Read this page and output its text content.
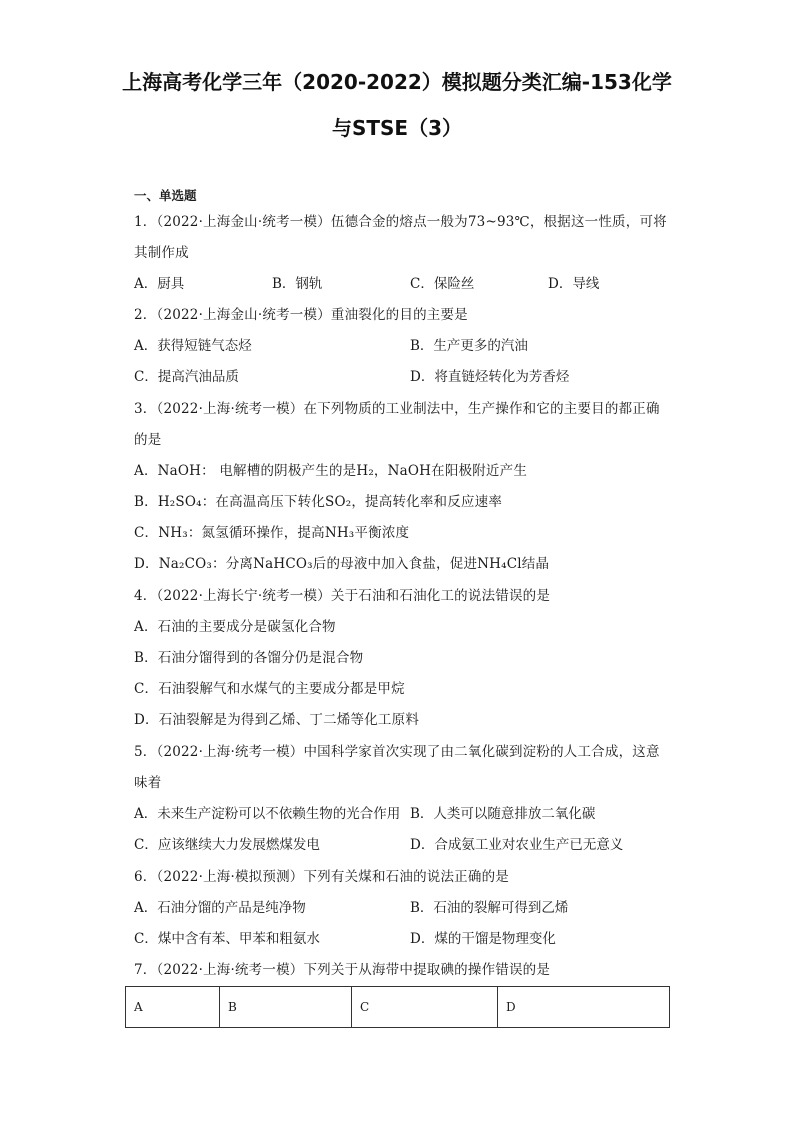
上海高考化学三年（2020-2022）模拟题分类汇编-153化学
与STSE（3）
一、单选题
1．（2022·上海金山·统考一模）伍德合金的熔点一般为73~93℃，根据这一性质，可将
其制作成
A．厨具	B．钢轨	C．保险丝	D．导线
2．（2022·上海金山·统考一模）重油裂化的目的主要是
A．获得短链气态烃	B．生产更多的汽油
C．提高汽油品质	D．将直链烃转化为芳香烃
3．（2022·上海·统考一模）在下列物质的工业制法中，生产操作和它的主要目的都正确
的是
A．NaOH： 电解槽的阴极产生的是H₂，NaOH在阳极附近产生
B．H₂SO₄：在高温高压下转化SO₂，提高转化率和反应速率
C．NH₃：氮氢循环操作，提高NH₃平衡浓度
D．Na₂CO₃：分离NaHCO₃后的母液中加入食盐，促进NH₄Cl结晶
4．（2022·上海长宁·统考一模）关于石油和石油化工的说法错误的是
A．石油的主要成分是碳氢化合物
B．石油分馏得到的各馏分仍是混合物
C．石油裂解气和水煤气的主要成分都是甲烷
D．石油裂解是为得到乙烯、丁二烯等化工原料
5．（2022·上海·统考一模）中国科学家首次实现了由二氧化碳到淀粉的人工合成，这意
味着
A．未来生产淀粉可以不依赖生物的光合作用 B．人类可以随意排放二氧化碳
C．应该继续大力发展燃煤发电	D．合成氨工业对农业生产已无意义
6．（2022·上海·模拟预测）下列有关煤和石油的说法正确的是
A．石油分馏的产品是纯净物	B．石油的裂解可得到乙烯
C．煤中含有苯、甲苯和粗氨水	D．煤的干馏是物理变化
7．（2022·上海·统考一模）下列关于从海带中提取碘的操作错误的是
A	B	C	D
